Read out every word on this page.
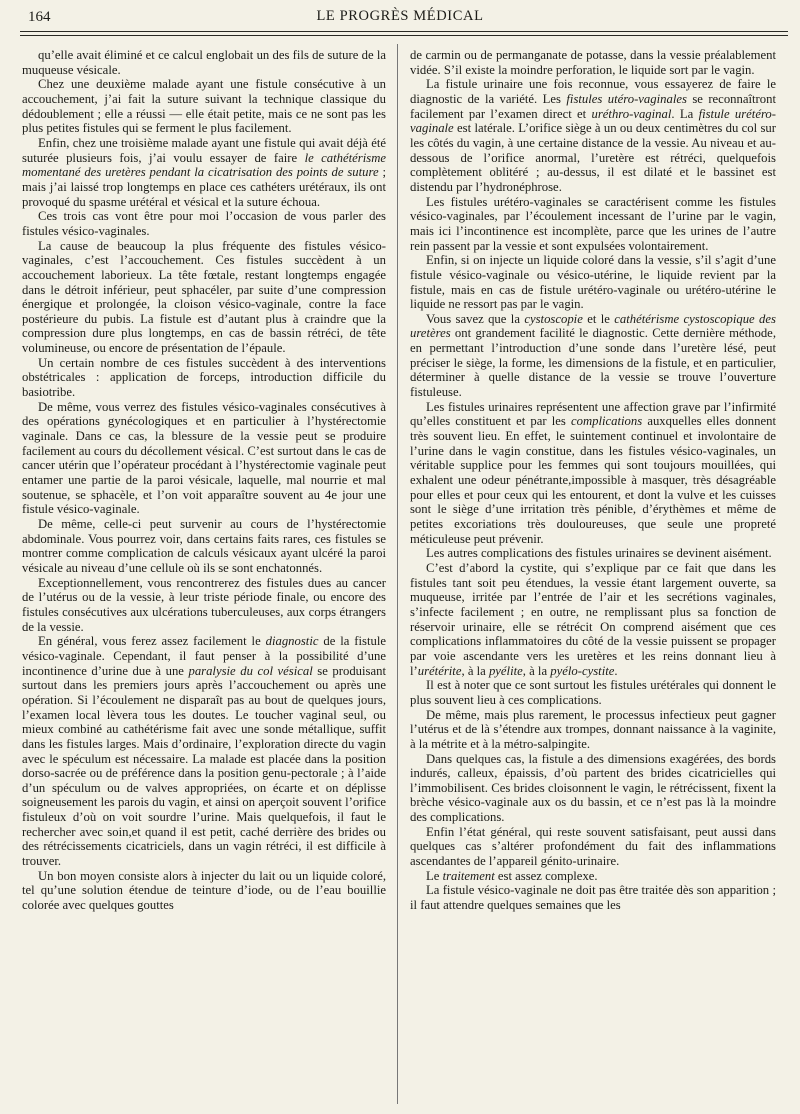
164	LE PROGRÈS MÉDICAL

qu’elle avait éliminé et ce calcul englobait un des fils de suture de la muqueuse vésicale.

Chez une deuxième malade ayant une fistule consécutive à un accouchement, j’ai fait la suture suivant la technique classique du dédoublement ; elle a réussi — elle était petite, mais ce ne sont pas les plus petites fistules qui se ferment le plus facilement.

Enfin, chez une troisième malade ayant une fistule qui avait déjà été suturée plusieurs fois, j’ai voulu essayer de faire le cathétérisme momentané des uretères pendant la cicatrisation des points de suture ; mais j’ai laissé trop longtemps en place ces cathéters urétéraux, ils ont provoqué du spasme urétéral et vésical et la suture échoua.

Ces trois cas vont être pour moi l’occasion de vous parler des fistules vésico-vaginales.

La cause de beaucoup la plus fréquente des fistules vésico-vaginales, c’est l’accouchement. Ces fistules succèdent à un accouchement laborieux. La tête fœtale, restant longtemps engagée dans le détroit inférieur, peut sphacéler, par suite d’une compression énergique et prolongée, la cloison vésico-vaginale, contre la face postérieure du pubis. La fistule est d’autant plus à craindre que la compression dure plus longtemps, en cas de bassin rétréci, de tête volumineuse, ou encore de présentation de l’épaule.

Un certain nombre de ces fistules succèdent à des interventions obstétricales : application de forceps, introduction difficile du basiotribe.

De même, vous verrez des fistules vésico-vaginales consécutives à des opérations gynécologiques et en particulier à l’hystérectomie vaginale. Dans ce cas, la blessure de la vessie peut se produire facilement au cours du décollement vésical. C’est surtout dans le cas de cancer utérin que l’opérateur procédant à l’hystérectomie vaginale peut entamer une partie de la paroi vésicale, laquelle, mal nourrie et mal soutenue, se sphacèle, et l’on voit apparaître souvent au 4e jour une fistule vésico-vaginale.

De même, celle-ci peut survenir au cours de l’hystérectomie abdominale. Vous pourrez voir, dans certains faits rares, ces fistules se montrer comme complication de calculs vésicaux ayant ulcéré la paroi vésicale au niveau d’une cellule où ils se sont enchatonnés.

Exceptionnellement, vous rencontrerez des fistules dues au cancer de l’utérus ou de la vessie, à leur triste période finale, ou encore des fistules consécutives aux ulcérations tuberculeuses, aux corps étrangers de la vessie.

En général, vous ferez assez facilement le diagnostic de la fistule vésico-vaginale. Cependant, il faut penser à la possibilité d’une incontinence d’urine due à une paralysie du col vésical se produisant surtout dans les premiers jours après l’accouchement ou après une opération. Si l’écoulement ne disparaît pas au bout de quelques jours, l’examen local lèvera tous les doutes. Le toucher vaginal seul, ou mieux combiné au cathétérisme fait avec une sonde métallique, suffit dans les fistules larges. Mais d’ordinaire, l’exploration directe du vagin avec le spéculum est nécessaire. La malade est placée dans la position dorso-sacrée ou de préférence dans la position genu-pectorale ; à l’aide d’un spéculum ou de valves appropriées, on écarte et on déplisse soigneusement les parois du vagin, et ainsi on aperçoit souvent l’orifice fistuleux d’où on voit sourdre l’urine. Mais quelquefois, il faut le rechercher avec soin,et quand il est petit, caché derrière des brides ou des rétrécissements cicatriciels, dans un vagin rétréci, il est difficile à trouver.

Un bon moyen consiste alors à injecter du lait ou un liquide coloré, tel qu’une solution étendue de teinture d’iode, ou de l’eau bouillie colorée avec quelques gouttes

de carmin ou de permanganate de potasse, dans la vessie préalablement vidée. S’il existe la moindre perforation, le liquide sort par le vagin.

La fistule urinaire une fois reconnue, vous essayerez de faire le diagnostic de la variété. Les fistules utéro-vaginales se reconnaîtront facilement par l’examen direct et uréthro-vaginal. La fistule urétéro-vaginale est latérale. L’orifice siège à un ou deux centimètres du col sur les côtés du vagin, à une certaine distance de la vessie. Au niveau et au-dessous de l’orifice anormal, l’uretère est rétréci, quelquefois complètement oblitéré ; au-dessus, il est dilaté et le bassinet est distendu par l’hydronéphrose.

Les fistules urétéro-vaginales se caractérisent comme les fistules vésico-vaginales, par l’écoulement incessant de l’urine par le vagin, mais ici l’incontinence est incomplète, parce que les urines de l’autre rein passent par la vessie et sont expulsées volontairement.

Enfin, si on injecte un liquide coloré dans la vessie, s’il s’agit d’une fistule vésico-vaginale ou vésico-utérine, le liquide revient par la fistule, mais en cas de fistule urétéro-vaginale ou urétéro-utérine le liquide ne ressort pas par le vagin.

Vous savez que la cystoscopie et le cathétérisme cystoscopique des uretères ont grandement facilité le diagnostic. Cette dernière méthode, en permettant l’introduction d’une sonde dans l’uretère lésé, peut préciser le siège, la forme, les dimensions de la fistule, et en particulier, déterminer à quelle distance de la vessie se trouve l’ouverture fistuleuse.

Les fistules urinaires représentent une affection grave par l’infirmité qu’elles constituent et par les complications auxquelles elles donnent très souvent lieu. En effet, le suintement continuel et involontaire de l’urine dans le vagin constitue, dans les fistules vésico-vaginales, un véritable supplice pour les femmes qui sont toujours mouillées, qui exhalent une odeur pénétrante,impossible à masquer, très désagréable pour elles et pour ceux qui les entourent, et dont la vulve et les cuisses sont le siège d’une irritation très pénible, d’érythèmes et même de petites excoriations très douloureuses, que seule une propreté méticuleuse peut prévenir.

Les autres complications des fistules urinaires se devinent aisément.

C’est d’abord la cystite, qui s’explique par ce fait que dans les fistules tant soit peu étendues, la vessie étant largement ouverte, sa muqueuse, irritée par l’entrée de l’air et les secrétions vaginales, s’infecte facilement ; en outre, ne remplissant plus sa fonction de réservoir urinaire, elle se rétrécit On comprend aisément que ces complications inflammatoires du côté de la vessie puissent se propager par voie ascendante vers les uretères et les reins donnant lieu à l’urétérite, à la pyélite, à la pyélo-cystite.

Il est à noter que ce sont surtout les fistules urétérales qui donnent le plus souvent lieu à ces complications.

De même, mais plus rarement, le processus infectieux peut gagner l’utérus et de là s’étendre aux trompes, donnant naissance à la vaginite, à la métrite et à la métro-salpingite.

Dans quelques cas, la fistule a des dimensions exagérées, des bords indurés, calleux, épaissis, d’où partent des brides cicatricielles qui l’immobilisent. Ces brides cloisonnent le vagin, le rétrécissent, fixent la brèche vésico-vaginale aux os du bassin, et ce n’est pas là la moindre des complications.

Enfin l’état général, qui reste souvent satisfaisant, peut aussi dans quelques cas s’altérer profondément du fait des inflammations ascendantes de l’appareil génito-urinaire.

Le traitement est assez complexe.

La fistule vésico-vaginale ne doit pas être traitée dès son apparition ; il faut attendre quelques semaines que les
